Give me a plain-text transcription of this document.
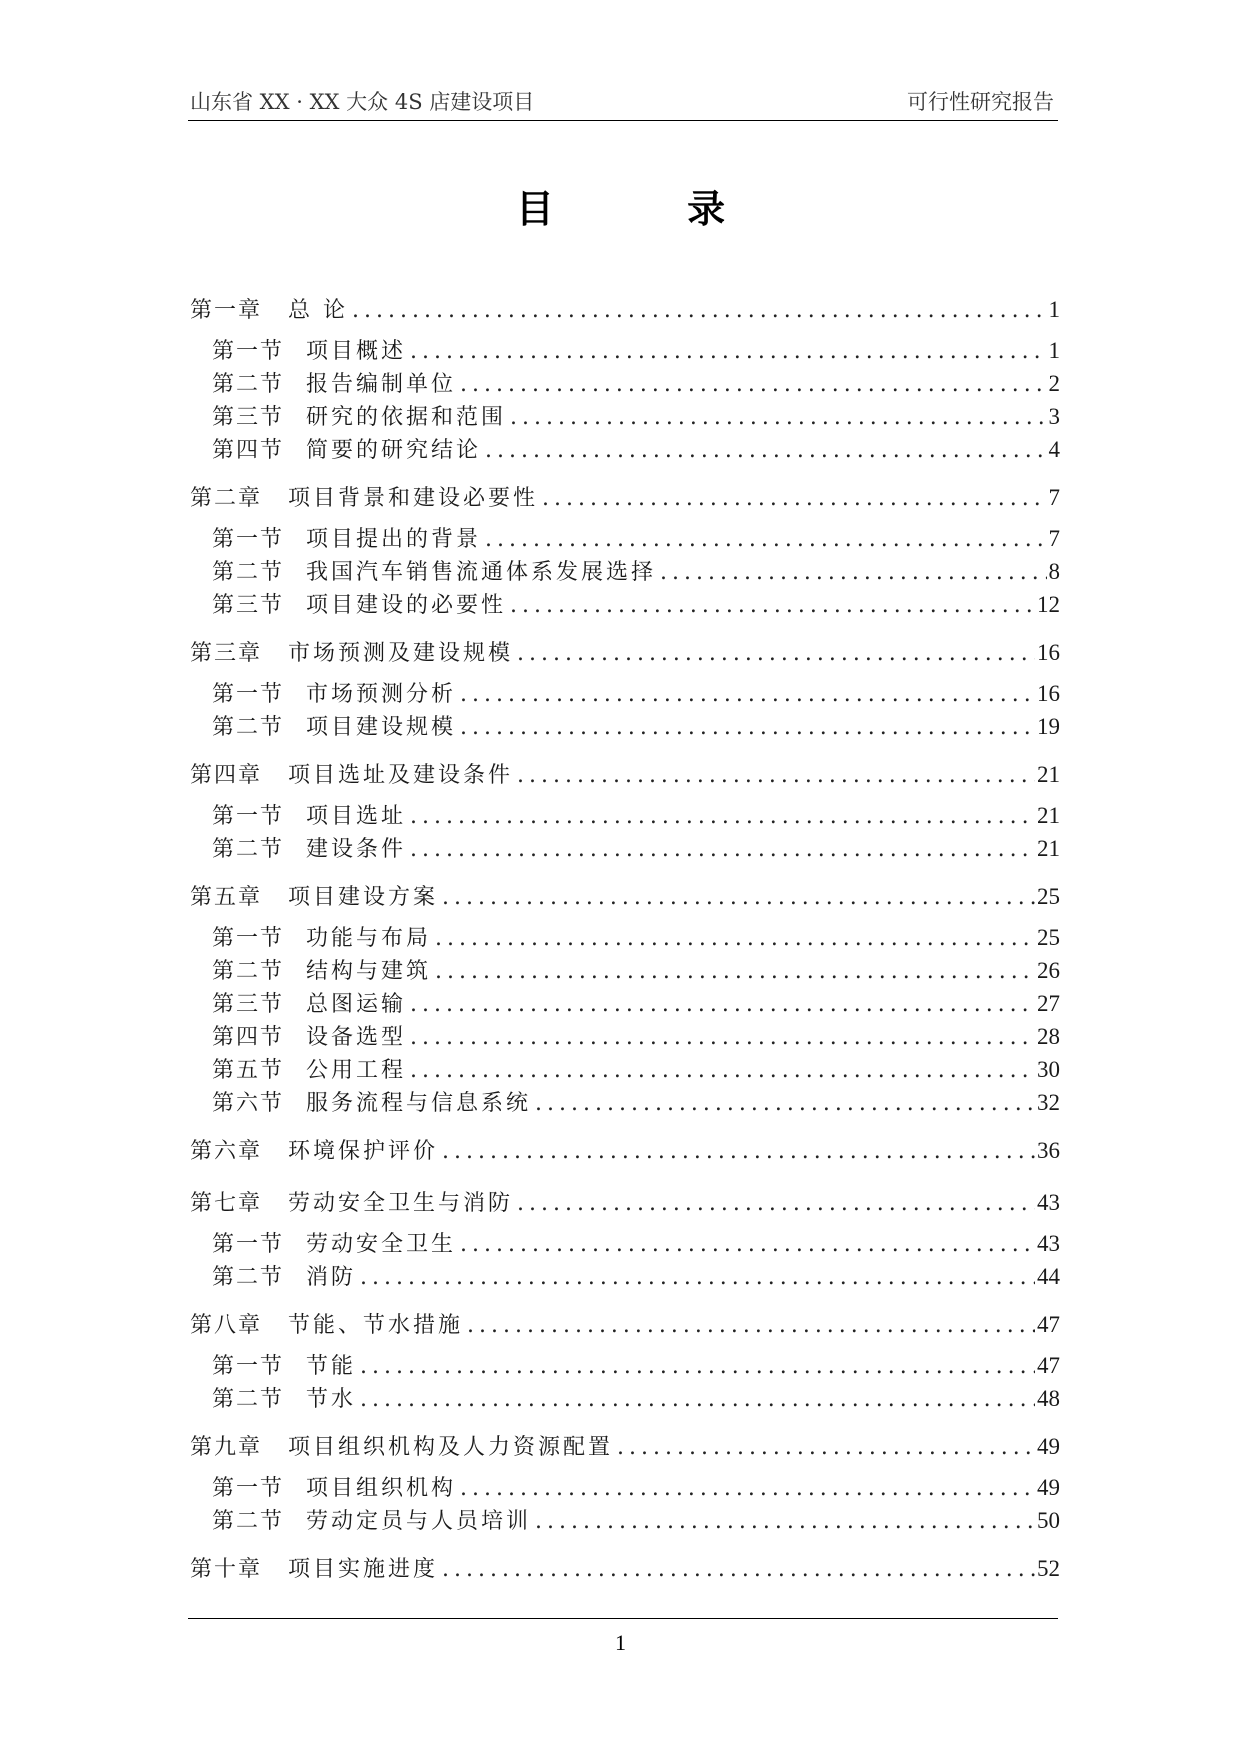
山东省 XX · XX 大众 4S 店建设项目	可行性研究报告
目 录
第一章	总 论 .....	1
第一节 项目概述 .....	1
第二节 报告编制单位 .....	2
第三节 研究的依据和范围 .....	3
第四节 简要的研究结论 .....	4
第二章	项目背景和建设必要性 .....	7
第一节 项目提出的背景 .....	7
第二节 我国汽车销售流通体系发展选择 .....	8
第三节 项目建设的必要性 .....	12
第三章	市场预测及建设规模 .....	16
第一节 市场预测分析 .....	16
第二节 项目建设规模 .....	19
第四章	项目选址及建设条件 .....	21
第一节 项目选址 .....	21
第二节 建设条件 .....	21
第五章	项目建设方案 .....	25
第一节 功能与布局 .....	25
第二节 结构与建筑 .....	26
第三节 总图运输 .....	27
第四节 设备选型 .....	28
第五节 公用工程 .....	30
第六节 服务流程与信息系统 .....	32
第六章	环境保护评价 .....	36
第七章	劳动安全卫生与消防 .....	43
第一节 劳动安全卫生 .....	43
第二节 消防 .....	44
第八章	节能、节水措施 .....	47
第一节 节能 .....	47
第二节 节水 .....	48
第九章	项目组织机构及人力资源配置 .....	49
第一节 项目组织机构 .....	49
第二节 劳动定员与人员培训 .....	50
第十章	项目实施进度 .....	52
1
